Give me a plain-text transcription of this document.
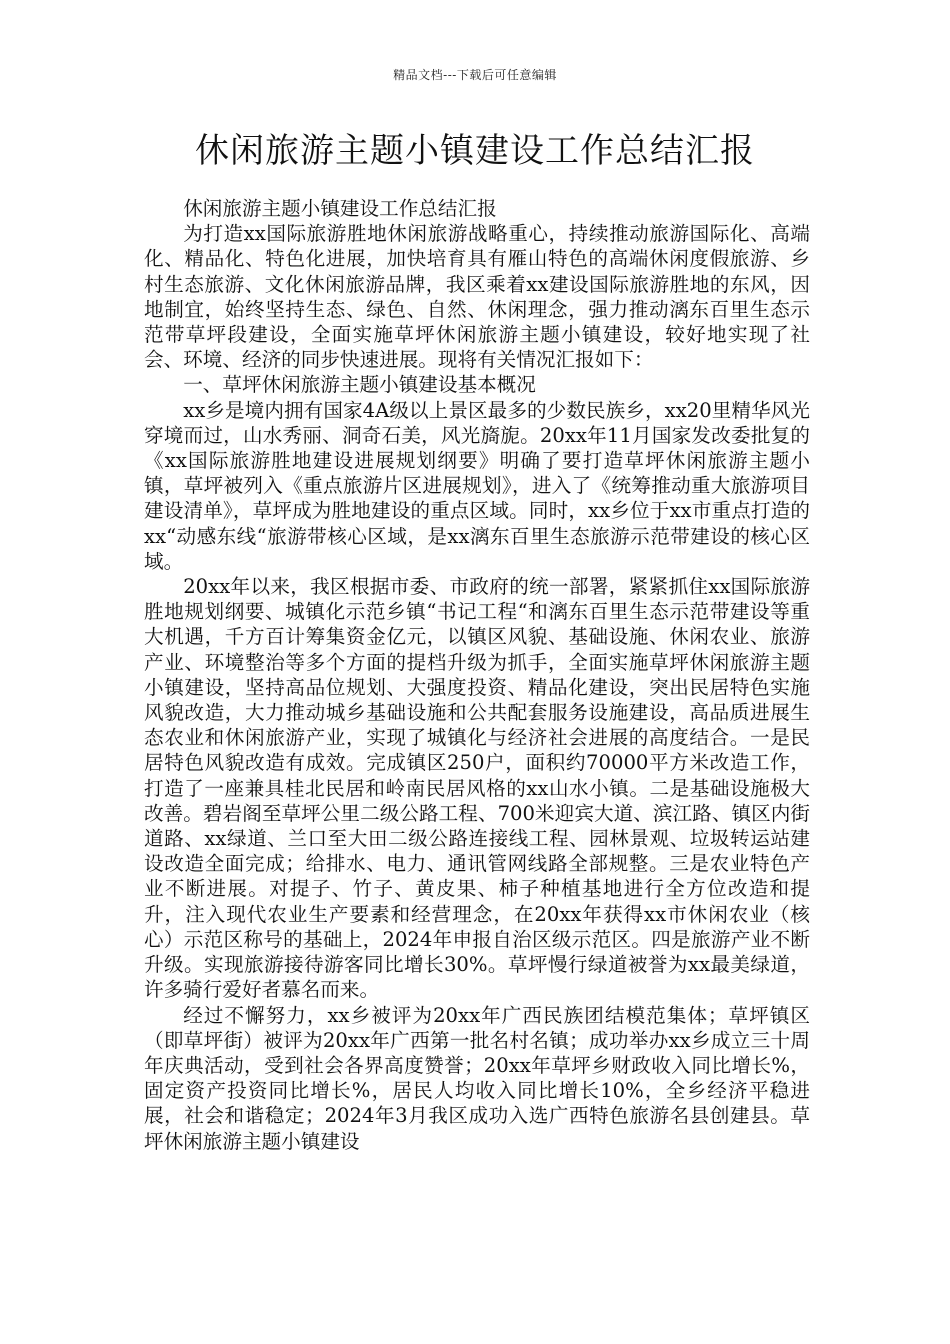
精品文档---下载后可任意编辑
休闲旅游主题小镇建设工作总结汇报

休闲旅游主题小镇建设工作总结汇报

为打造xx国际旅游胜地休闲旅游战略重心，持续推动旅游国际化、高端化、精品化、特色化进展，加快培育具有雁山特色的高端休闲度假旅游、乡村生态旅游、文化休闲旅游品牌，我区乘着xx建设国际旅游胜地的东风，因地制宜，始终坚持生态、绿色、自然、休闲理念，强力推动漓东百里生态示范带草坪段建设，全面实施草坪休闲旅游主题小镇建设，较好地实现了社会、环境、经济的同步快速进展。现将有关情况汇报如下：

一、草坪休闲旅游主题小镇建设基本概况

xx乡是境内拥有国家4A级以上景区最多的少数民族乡，xx20里精华风光穿境而过，山水秀丽、洞奇石美，风光旖旎。20xx年11月国家发改委批复的《xx国际旅游胜地建设进展规划纲要》明确了要打造草坪休闲旅游主题小镇，草坪被列入《重点旅游片区进展规划》，进入了《统筹推动重大旅游项目建设清单》，草坪成为胜地建设的重点区域。同时，xx乡位于xx市重点打造的xx“动感东线“旅游带核心区域，是xx漓东百里生态旅游示范带建设的核心区域。

20xx年以来，我区根据市委、市政府的统一部署，紧紧抓住xx国际旅游胜地规划纲要、城镇化示范乡镇“书记工程“和漓东百里生态示范带建设等重大机遇，千方百计筹集资金亿元，以镇区风貌、基础设施、休闲农业、旅游产业、环境整治等多个方面的提档升级为抓手，全面实施草坪休闲旅游主题小镇建设，坚持高品位规划、大强度投资、精品化建设，突出民居特色实施风貌改造，大力推动城乡基础设施和公共配套服务设施建设，高品质进展生态农业和休闲旅游产业，实现了城镇化与经济社会进展的高度结合。一是民居特色风貌改造有成效。完成镇区250户，面积约70000平方米改造工作，打造了一座兼具桂北民居和岭南民居风格的xx山水小镇。二是基础设施极大改善。碧岩阁至草坪公里二级公路工程、700米迎宾大道、滨江路、镇区内街道路、xx绿道、兰口至大田二级公路连接线工程、园林景观、垃圾转运站建设改造全面完成；给排水、电力、通讯管网线路全部规整。三是农业特色产业不断进展。对提子、竹子、黄皮果、柿子种植基地进行全方位改造和提升，注入现代农业生产要素和经营理念，在20xx年获得xx市休闲农业（核心）示范区称号的基础上，2024年申报自治区级示范区。四是旅游产业不断升级。实现旅游接待游客同比增长30%。草坪慢行绿道被誉为xx最美绿道，许多骑行爱好者慕名而来。

经过不懈努力，xx乡被评为20xx年广西民族团结模范集体；草坪镇区（即草坪街）被评为20xx年广西第一批名村名镇；成功举办xx乡成立三十周年庆典活动，受到社会各界高度赞誉；20xx年草坪乡财政收入同比增长%，固定资产投资同比增长%，居民人均收入同比增长10%，全乡经济平稳进展，社会和谐稳定；2024年3月我区成功入选广西特色旅游名县创建县。草坪休闲旅游主题小镇建设
